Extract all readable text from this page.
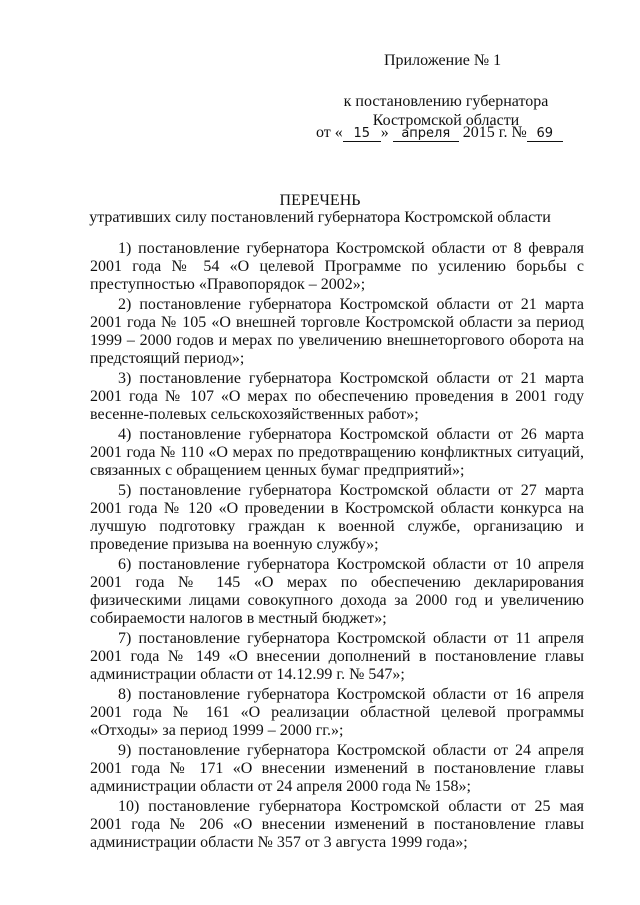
Приложение № 1
к постановлению губернатора
Костромской области
от « 15 » апреля 2015 г. № 69
ПЕРЕЧЕНЬ
утративших силу постановлений губернатора Костромской области

1) постановление губернатора Костромской области от 8 февраля 2001 года № 54 «О целевой Программе по усилению борьбы с преступностью «Правопорядок – 2002»;

2) постановление губернатора Костромской области от 21 марта 2001 года № 105 «О внешней торговле Костромской области за период 1999 – 2000 годов и мерах по увеличению внешнеторгового оборота на предстоящий период»;

3) постановление губернатора Костромской области от 21 марта 2001 года № 107 «О мерах по обеспечению проведения в 2001 году весенне-полевых сельскохозяйственных работ»;

4) постановление губернатора Костромской области от 26 марта 2001 года № 110 «О мерах по предотвращению конфликтных ситуаций, связанных с обращением ценных бумаг предприятий»;

5) постановление губернатора Костромской области от 27 марта 2001 года № 120 «О проведении в Костромской области конкурса на лучшую подготовку граждан к военной службе, организацию и проведение призыва на военную службу»;

6) постановление губернатора Костромской области от 10 апреля 2001 года № 145 «О мерах по обеспечению декларирования физическими лицами совокупного дохода за 2000 год и увеличению собираемости налогов в местный бюджет»;

7) постановление губернатора Костромской области от 11 апреля 2001 года № 149 «О внесении дополнений в постановление главы администрации области от 14.12.99 г. № 547»;

8) постановление губернатора Костромской области от 16 апреля 2001 года № 161 «О реализации областной целевой программы «Отходы» за период 1999 – 2000 гг.»;

9) постановление губернатора Костромской области от 24 апреля 2001 года № 171 «О внесении изменений в постановление главы администрации области от 24 апреля 2000 года № 158»;

10) постановление губернатора Костромской области от 25 мая 2001 года № 206 «О внесении изменений в постановление главы администрации области № 357 от 3 августа 1999 года»;
